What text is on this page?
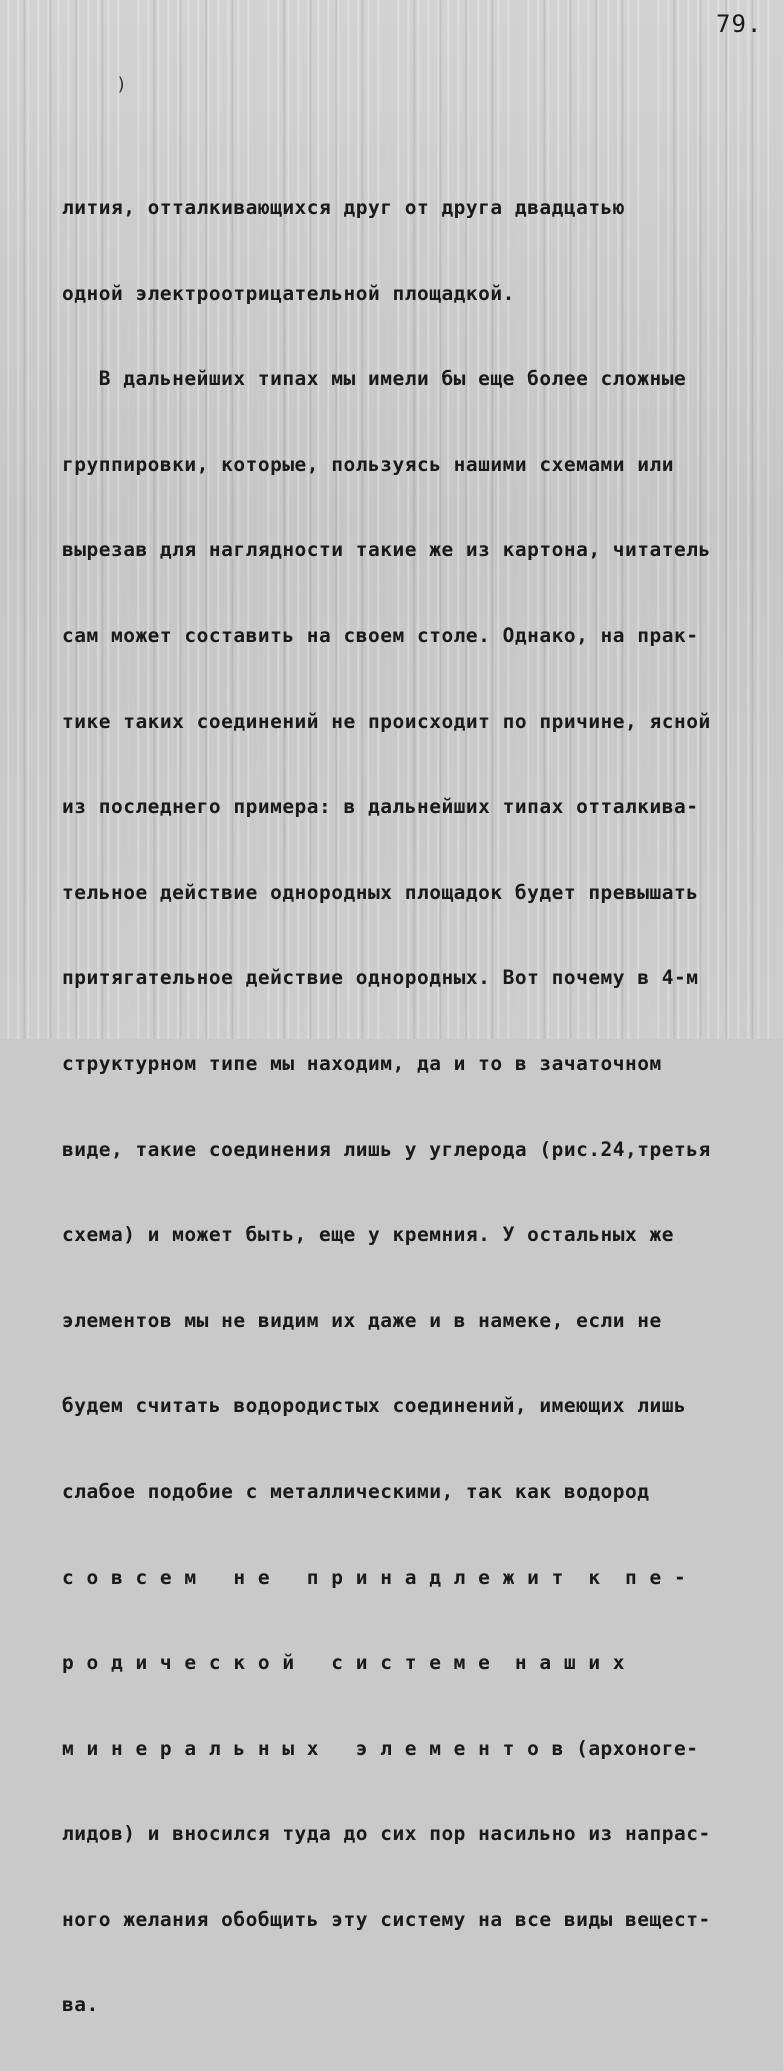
79.
)

лития, отталкивающихся друг от друга двадцатью

одной электроотрицательной площадкой.

В дальнейших типах мы имели бы еще более сложные

группировки, которые, пользуясь нашими схемами или

вырезав для наглядности такие же из картона, читатель

сам может составить на своем столе. Однако, на прак-

тике таких соединений не происходит по причине, ясной

из последнего примера: в дальнейших типах отталкива-

тельное действие однородных площадок будет превышать

притягательное действие однородных. Вот почему в 4-м

структурном типе мы находим, да и то в зачаточном

виде, такие соединения лишь у углерода (рис.24,третья

схема) и может быть, еще у кремния. У остальных же

элементов мы не видим их даже и в намеке, если не

будем считать водородистых соединений, имеющих лишь

слабое подобие с металлическими, так как водород

с о в с е м   н е   п р и н а д л е ж и т  к  п е -

р о д и ч е с к о й   с и с т е м е  н а ш и х

м и н е р а л ь н ы х   э л е м е н т о в (архоногe-

лидов) и вносился туда до сих пор насильно из напрас-

ного желания обобщить эту систему на все виды вещест-

ва.
